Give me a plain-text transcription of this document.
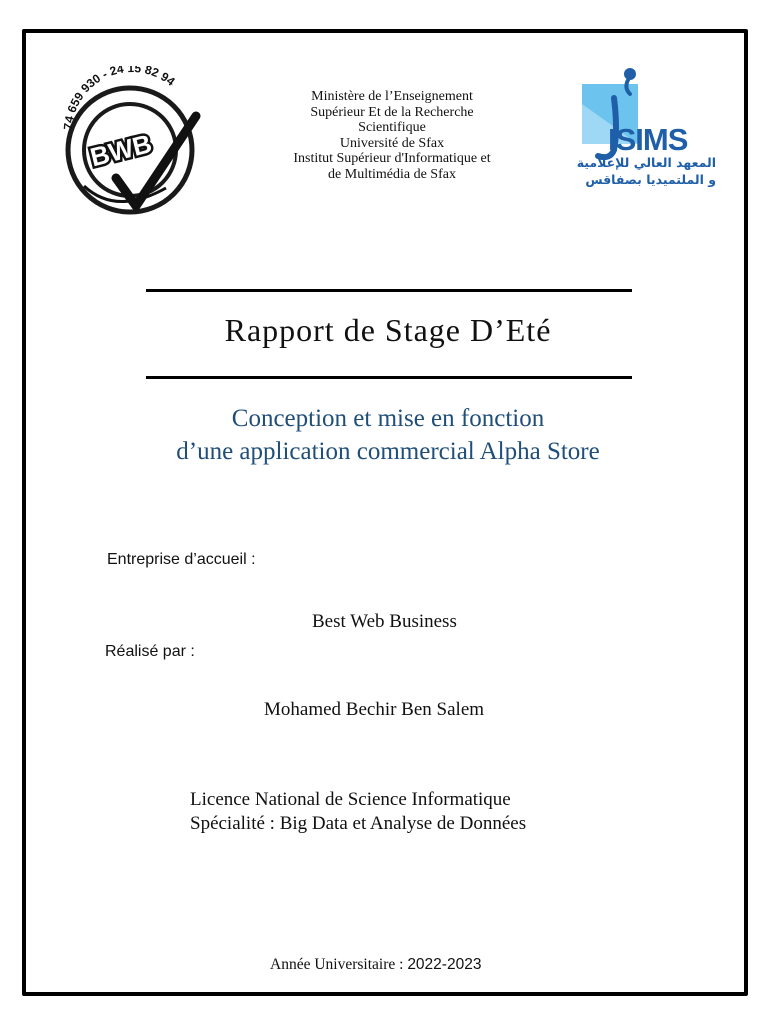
74 659 930 - 24 15 82 94
BWB
Ministère de l’Enseignement
Supérieur Et de la Recherche
Scientifique
Université de Sfax
Institut Supérieur d'Informatique et
de Multimédia de Sfax
ISIMS
المعهد العالي للإعلامية
و الملتميديا بصفاقس
Rapport de Stage D’Eté
Conception et mise en fonction
d’une application commercial Alpha Store
Entreprise d’accueil :
Best Web Business
Réalisé par :
Mohamed Bechir Ben Salem
Licence National de Science Informatique
Spécialité : Big Data et Analyse de Données
Année Universitaire : 2022-2023
